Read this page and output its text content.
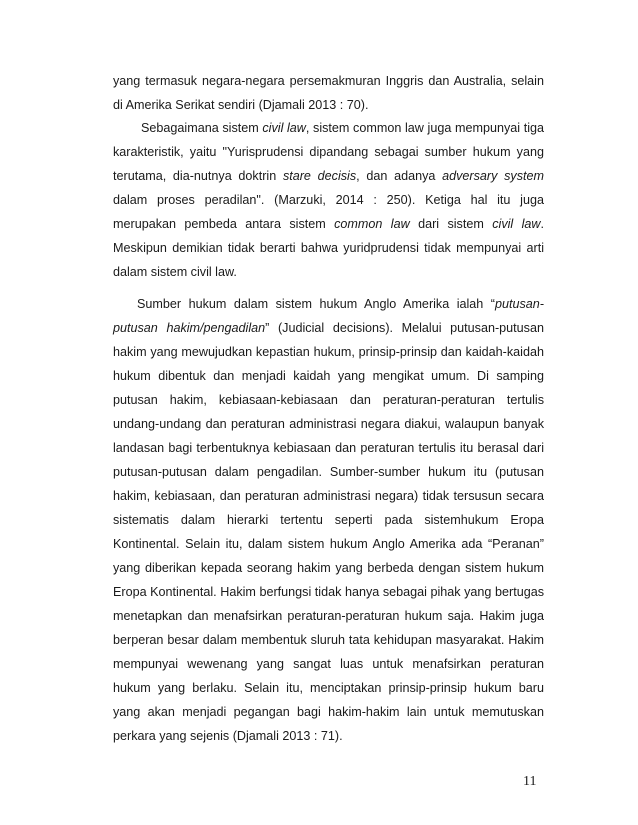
yang termasuk negara-negara persemakmuran Inggris dan Australia, selain
di Amerika Serikat sendiri (Djamali 2013 : 70).
Sebagaimana sistem civil law, sistem common law juga mempunyai tiga
karakteristik, yaitu "Yurisprudensi dipandang sebagai sumber hukum yang
terutama, dia-nutnya doktrin stare decisis, dan adanya adversary system
dalam proses peradilan". (Marzuki, 2014 : 250). Ketiga hal itu juga
merupakan pembeda antara sistem common law dari sistem civil law.
Meskipun demikian tidak berarti bahwa yuridprudensi tidak mempunyai arti
dalam sistem civil law.
Sumber hukum dalam sistem hukum Anglo Amerika ialah “putusan-
putusan hakim/pengadilan” (Judicial decisions). Melalui putusan-putusan
hakim yang mewujudkan kepastian hukum, prinsip-prinsip dan kaidah-kaidah
hukum dibentuk dan menjadi kaidah yang mengikat umum. Di samping
putusan hakim, kebiasaan-kebiasaan dan peraturan-peraturan tertulis
undang-undang dan peraturan administrasi negara diakui, walaupun banyak
landasan bagi terbentuknya kebiasaan dan peraturan tertulis itu berasal dari
putusan-putusan dalam pengadilan. Sumber-sumber hukum itu (putusan
hakim, kebiasaan, dan peraturan administrasi negara) tidak tersusun secara
sistematis dalam hierarki tertentu seperti pada sistemhukum Eropa
Kontinental. Selain itu, dalam sistem hukum Anglo Amerika ada “Peranan”
yang diberikan kepada seorang hakim yang berbeda dengan sistem hukum
Eropa Kontinental. Hakim berfungsi tidak hanya sebagai pihak yang bertugas
menetapkan dan menafsirkan peraturan-peraturan hukum saja. Hakim juga
berperan besar dalam membentuk sluruh tata kehidupan masyarakat. Hakim
mempunyai wewenang yang sangat luas untuk menafsirkan peraturan
hukum yang berlaku. Selain itu, menciptakan prinsip-prinsip hukum baru
yang akan menjadi pegangan bagi hakim-hakim lain untuk memutuskan
perkara yang sejenis (Djamali 2013 : 71).
11
